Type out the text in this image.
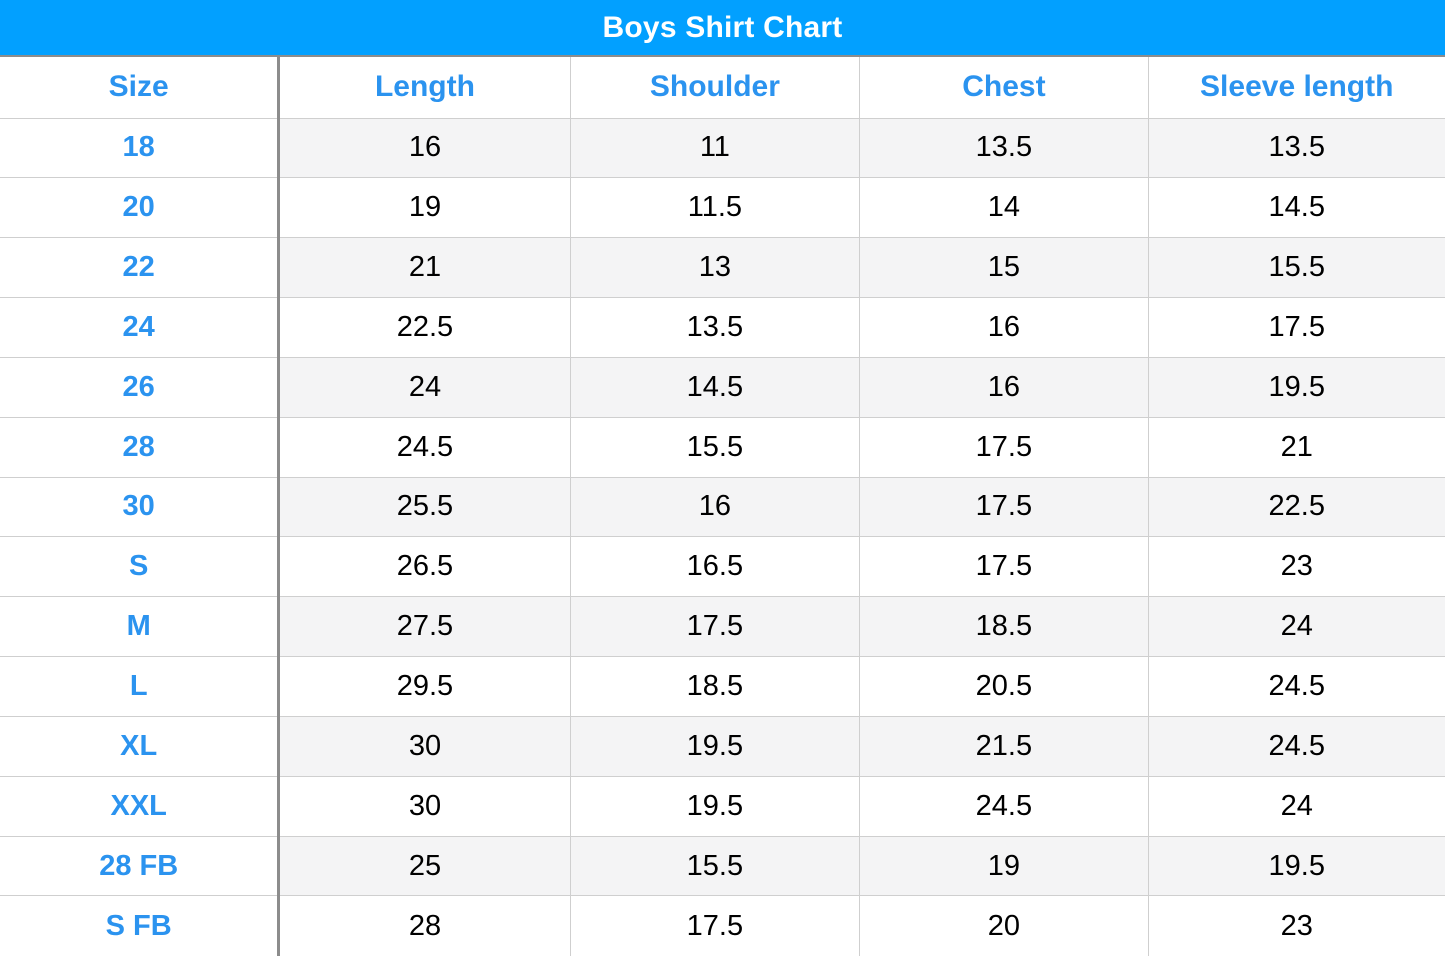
Boys Shirt Chart
Size	Length	Shoulder	Chest	Sleeve length
18	16	11	13.5	13.5
20	19	11.5	14	14.5
22	21	13	15	15.5
24	22.5	13.5	16	17.5
26	24	14.5	16	19.5
28	24.5	15.5	17.5	21
30	25.5	16	17.5	22.5
S	26.5	16.5	17.5	23
M	27.5	17.5	18.5	24
L	29.5	18.5	20.5	24.5
XL	30	19.5	21.5	24.5
XXL	30	19.5	24.5	24
28 FB	25	15.5	19	19.5
S FB	28	17.5	20	23
